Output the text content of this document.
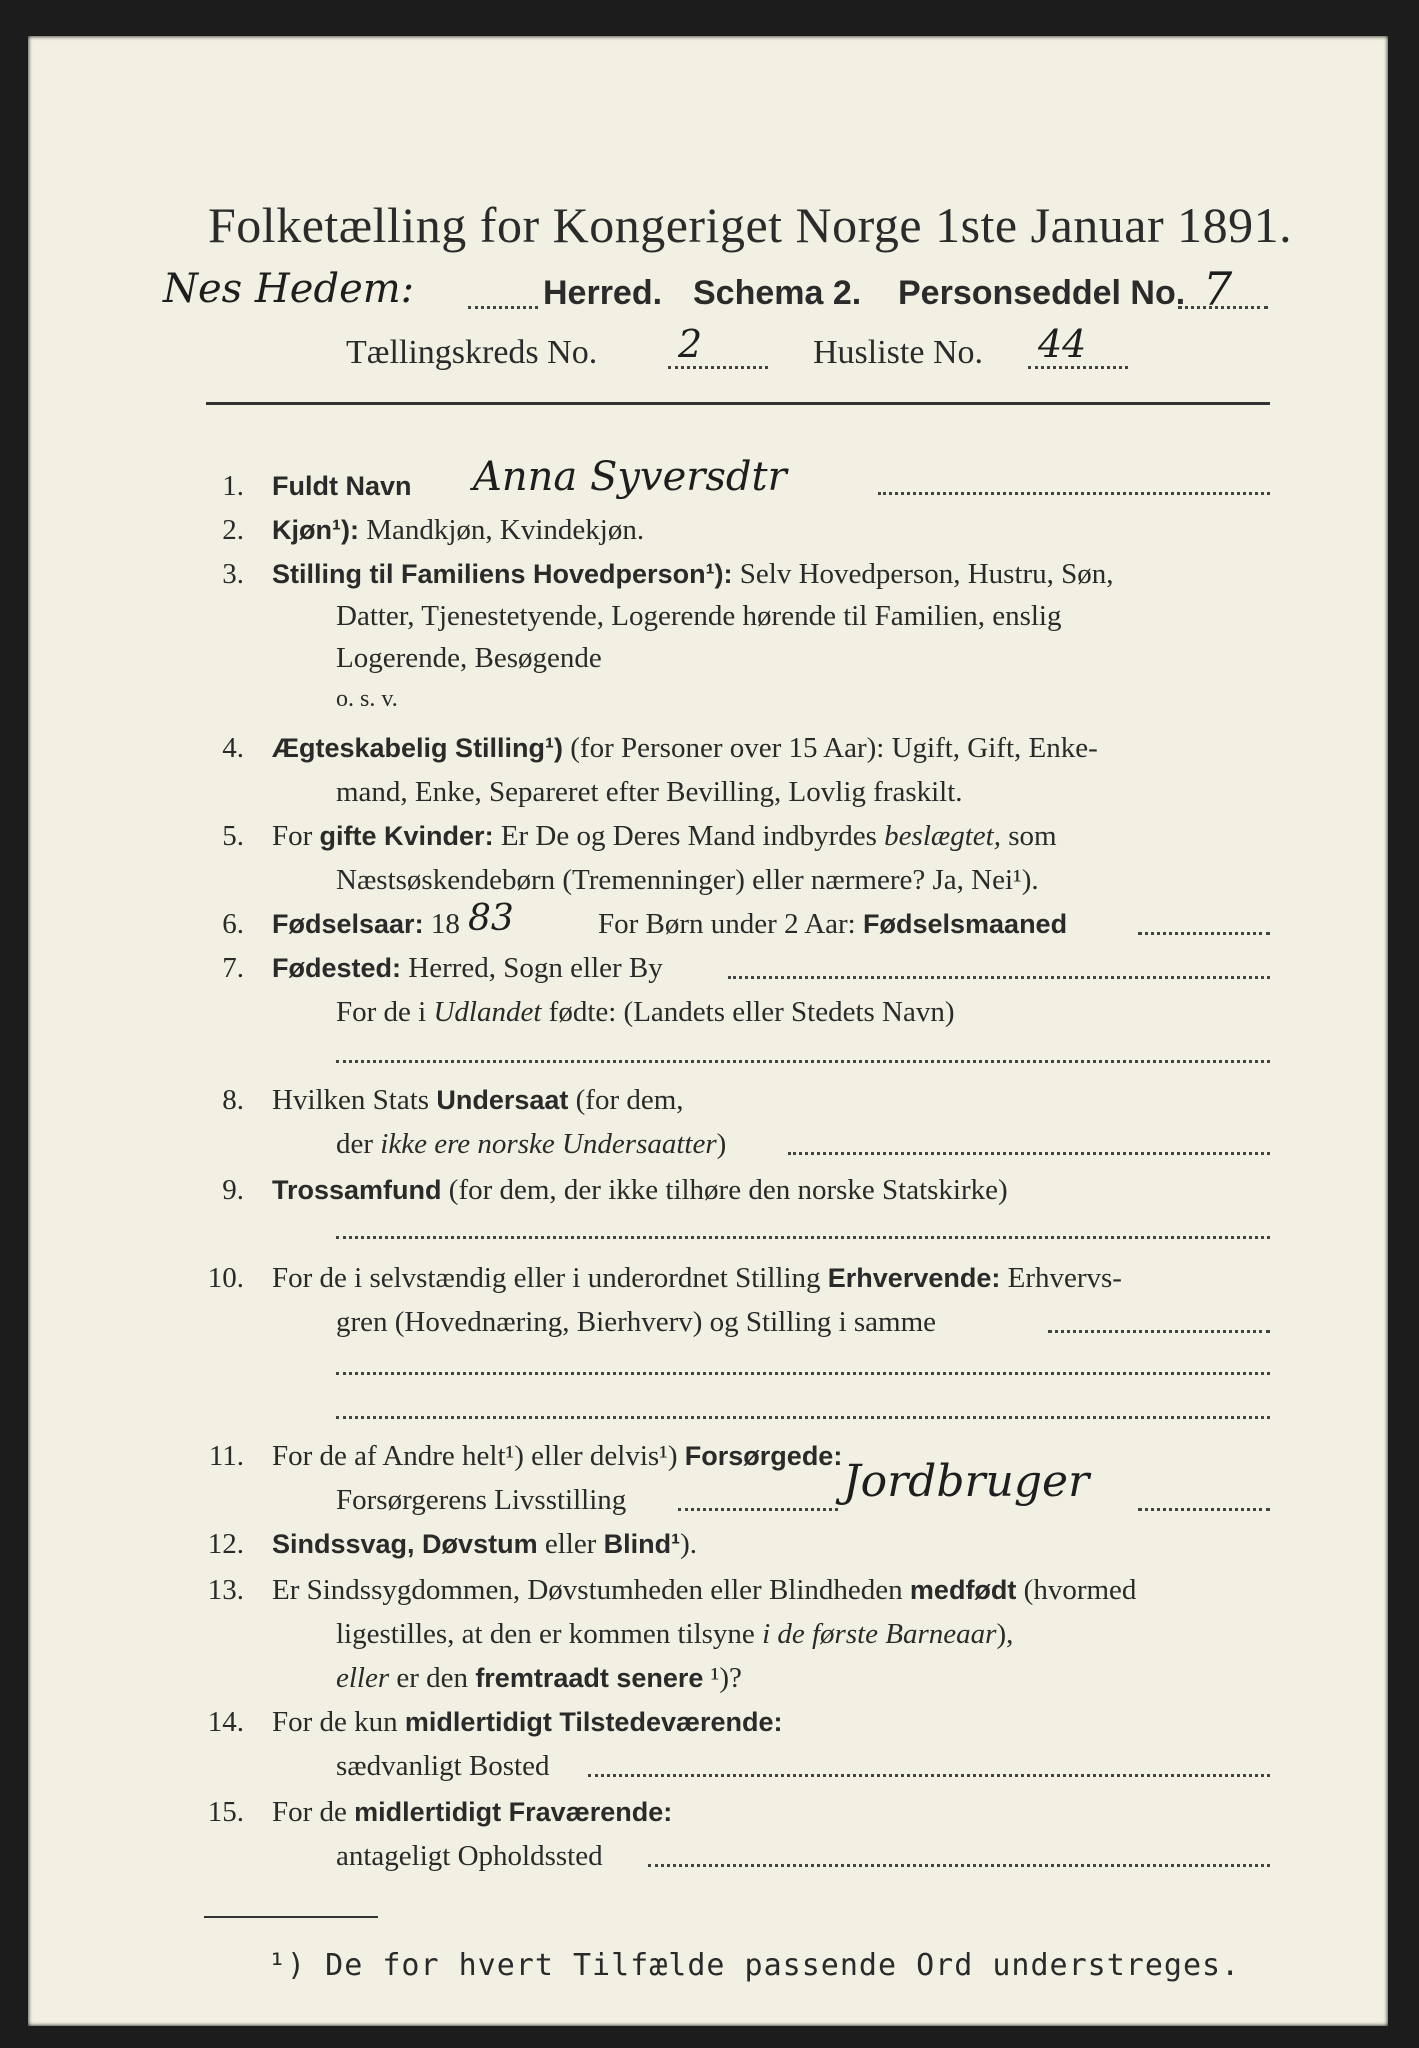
Folketælling for Kongeriget Norge 1ste Januar 1891.
Nes Hedem:	Herred. Schema 2. Personseddel No. 7
Tællingskreds No. 2	Husliste No. 44
1. Fuldt Navn Anna Syversdtr
2. Kjøn¹): Mandkjøn, Kvindekjøn.
3. Stilling til Familiens Hovedperson¹): Selv Hovedperson, Hustru, Søn,
Datter, Tjenestetyende, Logerende hørende til Familien, enslig
Logerende, Besøgende
o. s. v.
4. Ægteskabelig Stilling¹) (for Personer over 15 Aar): Ugift, Gift, Enke-
mand, Enke, Separeret efter Bevilling, Lovlig fraskilt.
5. For gifte Kvinder: Er De og Deres Mand indbyrdes beslægtet, som
Næstsøskendebørn (Tremenninger) eller nærmere? Ja, Nei¹).
6. Fødselsaar: 18 83	For Børn under 2 Aar: Fødselsmaaned
7. Fødested: Herred, Sogn eller By
For de i Udlandet fødte: (Landets eller Stedets Navn)
8. Hvilken Stats Undersaat (for dem,
der ikke ere norske Undersaatter)
9. Trossamfund (for dem, der ikke tilhøre den norske Statskirke)
10. For de i selvstændig eller i underordnet Stilling Erhvervende: Erhvervs-
gren (Hovednæring, Bierhverv) og Stilling i samme
11. For de af Andre helt¹) eller delvis¹) Forsørgede:
Forsørgerens Livsstilling	Jordbruger
12. Sindssvag, Døvstum eller Blind¹).
13. Er Sindssygdommen, Døvstumheden eller Blindheden medfødt (hvormed
ligestilles, at den er kommen tilsyne i de første Barneaar),
eller er den fremtraadt senere ¹)?
14. For de kun midlertidigt Tilstedeværende:
sædvanligt Bosted
15. For de midlertidigt Fraværende:
antageligt Opholdssted
¹) De for hvert Tilfælde passende Ord understreges.
